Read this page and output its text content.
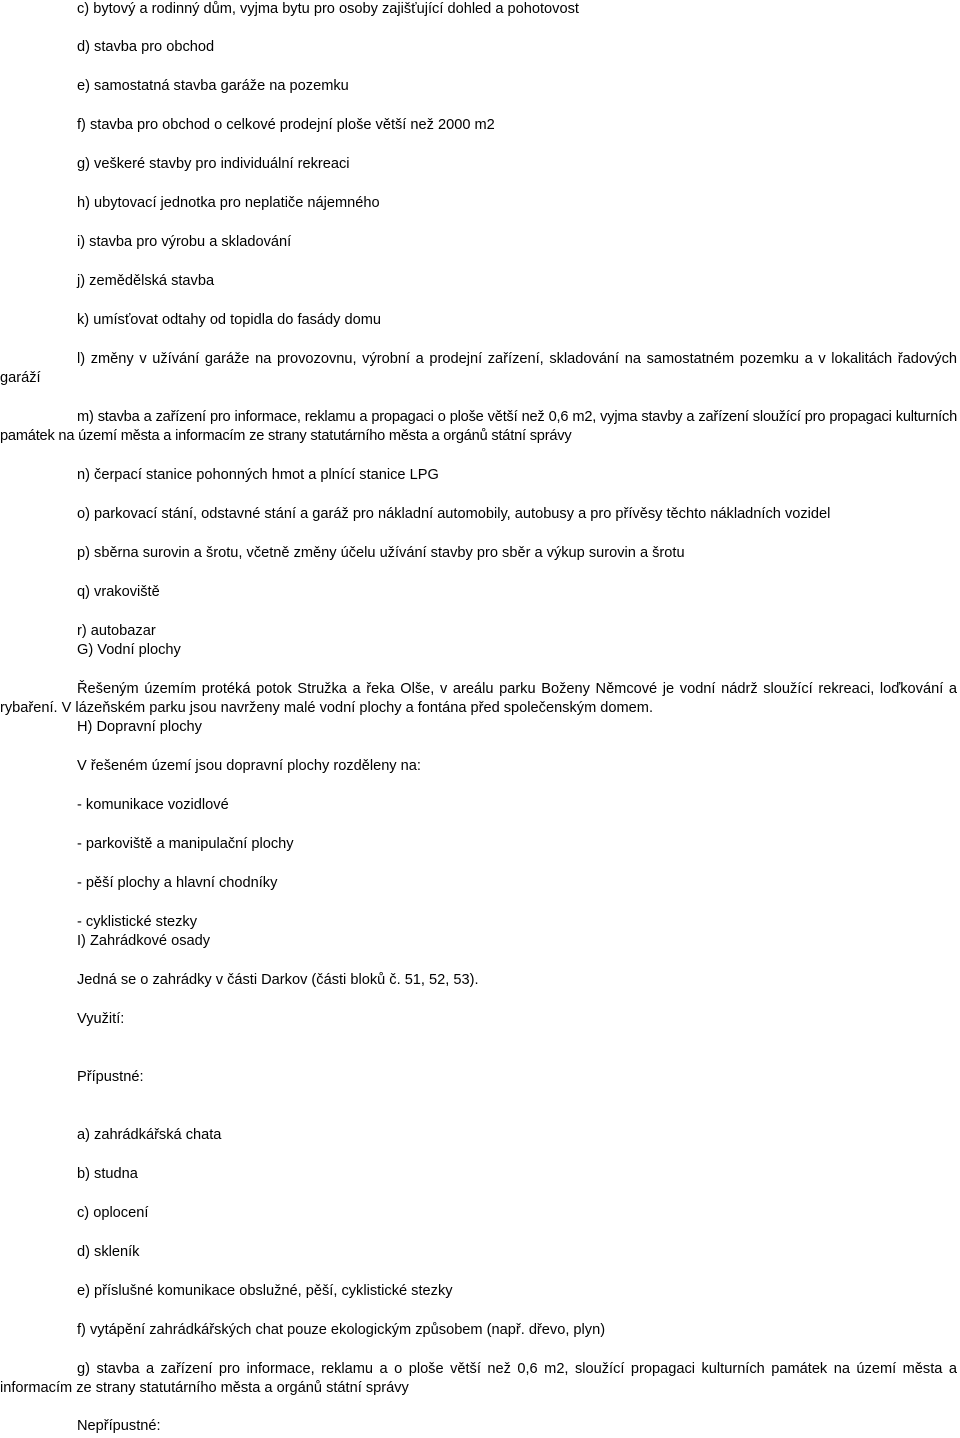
c) bytový a rodinný dům, vyjma bytu pro osoby zajišťující dohled a pohotovost

d) stavba pro obchod

e) samostatná stavba garáže na pozemku

f) stavba pro obchod o celkové prodejní ploše větší než 2000 m2

g) veškeré stavby pro individuální rekreaci

h) ubytovací jednotka pro neplatiče nájemného

i) stavba pro výrobu a skladování

j) zemědělská stavba

k) umísťovat odtahy od topidla do fasády domu

l) změny v užívání garáže na provozovnu, výrobní a prodejní zařízení, skladování na samostatném pozemku a v lokalitách řadových garáží

m) stavba a zařízení pro informace, reklamu a propagaci o ploše větší než 0,6 m2, vyjma stavby a zařízení sloužící pro propagaci kulturních památek na území města a informacím ze strany statutárního města a orgánů státní správy

n) čerpací stanice pohonných hmot a plnící stanice LPG

o) parkovací stání, odstavné stání a garáž pro nákladní automobily, autobusy a pro přívěsy těchto nákladních vozidel

p) sběrna surovin a šrotu, včetně změny účelu užívání stavby pro sběr a výkup surovin a šrotu

q) vrakoviště

r) autobazar

G) Vodní plochy

Řešeným územím protéká potok Stružka a řeka Olše, v areálu parku Boženy Němcové je vodní nádrž sloužící rekreaci, loďkování a rybaření. V lázeňském parku jsou navrženy malé vodní plochy a fontána před společenským domem.

H) Dopravní plochy

V řešeném území jsou dopravní plochy rozděleny na:

- komunikace vozidlové

- parkoviště a manipulační plochy

- pěší plochy a hlavní chodníky

- cyklistické stezky

I) Zahrádkové osady

Jedná se o zahrádky v části Darkov (části bloků č. 51, 52, 53).

Využití:

Přípustné:

a) zahrádkářská chata

b) studna

c) oplocení

d) skleník

e) příslušné komunikace obslužné, pěší, cyklistické stezky

f) vytápění zahrádkářských chat pouze ekologickým způsobem (např. dřevo, plyn)

g) stavba a zařízení pro informace, reklamu a o ploše větší než 0,6 m2, sloužící propagaci kulturních památek na území města a informacím ze strany statutárního města a orgánů státní správy

Nepřípustné:
